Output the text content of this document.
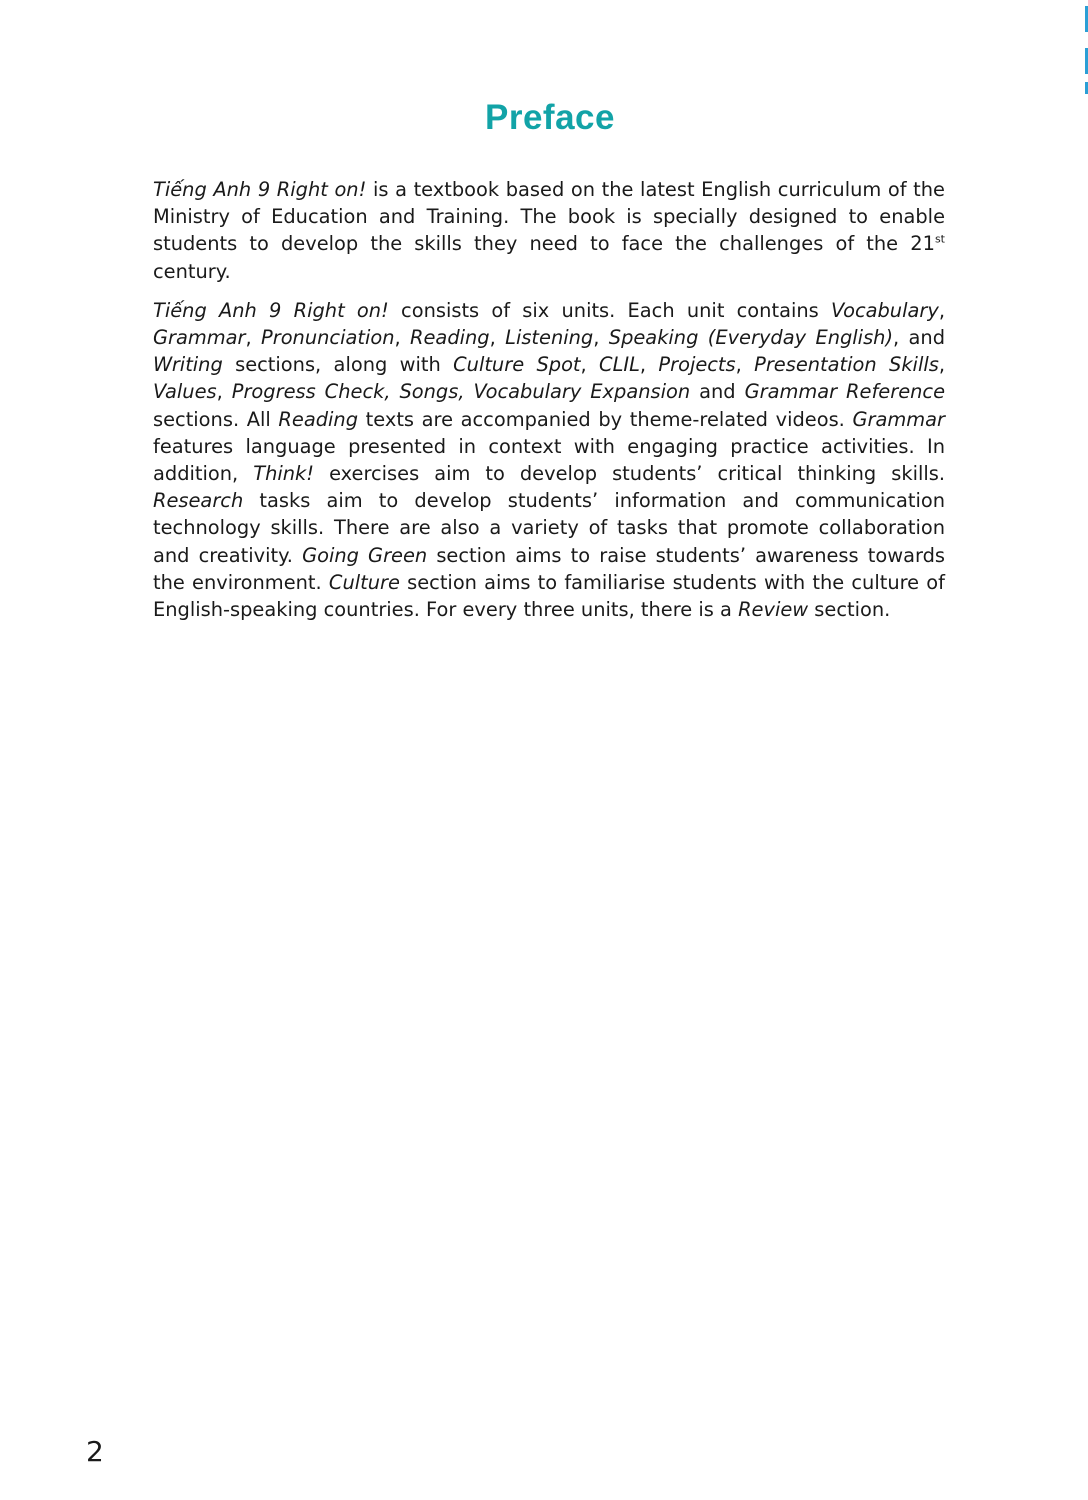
Preface

Tiếng Anh 9 Right on! is a textbook based on the latest English curriculum of the Ministry of Education and Training. The book is specially designed to enable students to develop the skills they need to face the challenges of the 21st century.

Tiếng Anh 9 Right on! consists of six units. Each unit contains Vocabulary, Grammar, Pronunciation, Reading, Listening, Speaking (Everyday English), and Writing sections, along with Culture Spot, CLIL, Projects, Presentation Skills, Values, Progress Check, Songs, Vocabulary Expansion and Grammar Reference sections. All Reading texts are accompanied by theme-related videos. Grammar features language presented in context with engaging practice activities. In addition, Think! exercises aim to develop students’ critical thinking skills. Research tasks aim to develop students’ information and communication technology skills. There are also a variety of tasks that promote collaboration and creativity. Going Green section aims to raise students’ awareness towards the environment. Culture section aims to familiarise students with the culture of English-speaking countries. For every three units, there is a Review section.

2
